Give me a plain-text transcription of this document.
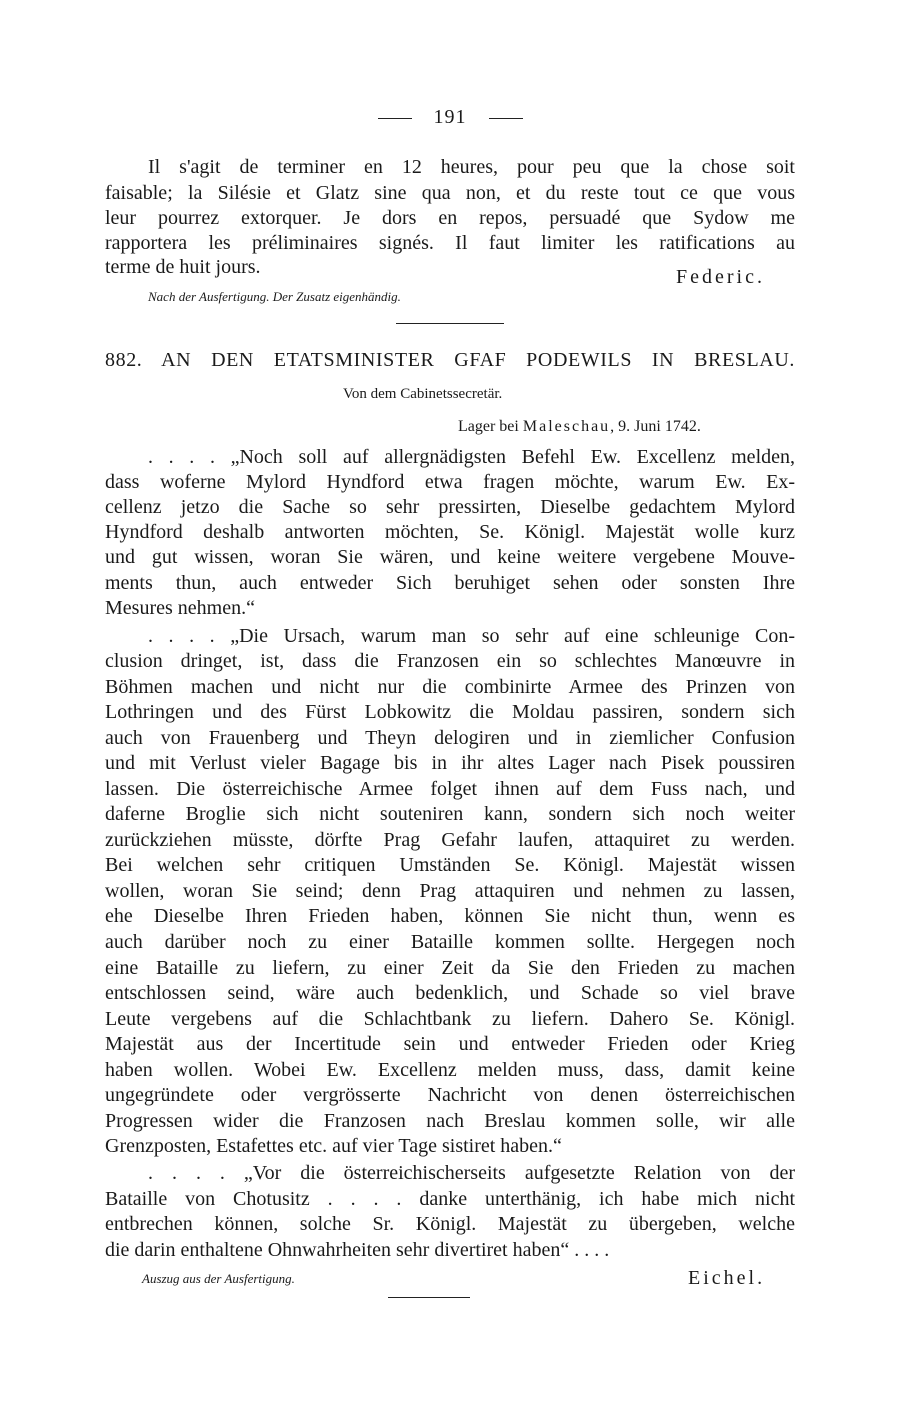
191
Il s'agit de terminer en 12 heures, pour peu que la chose soit
faisable; la Silésie et Glatz sine qua non, et du reste tout ce que vous
leur pourrez extorquer. Je dors en repos, persuadé que Sydow me
rapportera les préliminaires signés. Il faut limiter les ratifications au
terme de huit jours.	Federic.
Nach der Ausfertigung. Der Zusatz eigenhändig.
882. AN DEN ETATSMINISTER GFAF PODEWILS IN BRESLAU.
Von dem Cabinetssecretär.
Lager bei Maleschau, 9. Juni 1742.
. . . . „Noch soll auf allergnädigsten Befehl Ew. Excellenz melden,
dass woferne Mylord Hyndford etwa fragen möchte, warum Ew. Ex-
cellenz jetzo die Sache so sehr pressirten, Dieselbe gedachtem Mylord
Hyndford deshalb antworten möchten, Se. Königl. Majestät wolle kurz
und gut wissen, woran Sie wären, und keine weitere vergebene Mouve-
ments thun, auch entweder Sich beruhiget sehen oder sonsten Ihre
Mesures nehmen.“
. . . . „Die Ursach, warum man so sehr auf eine schleunige Con-
clusion dringet, ist, dass die Franzosen ein so schlechtes Manœuvre in
Böhmen machen und nicht nur die combinirte Armee des Prinzen von
Lothringen und des Fürst Lobkowitz die Moldau passiren, sondern sich
auch von Frauenberg und Theyn delogiren und in ziemlicher Confusion
und mit Verlust vieler Bagage bis in ihr altes Lager nach Pisek poussiren
lassen. Die österreichische Armee folget ihnen auf dem Fuss nach, und
daferne Broglie sich nicht souteniren kann, sondern sich noch weiter
zurückziehen müsste, dörfte Prag Gefahr laufen, attaquiret zu werden.
Bei welchen sehr critiquen Umständen Se. Königl. Majestät wissen
wollen, woran Sie seind; denn Prag attaquiren und nehmen zu lassen,
ehe Dieselbe Ihren Frieden haben, können Sie nicht thun, wenn es
auch darüber noch zu einer Bataille kommen sollte. Hergegen noch
eine Bataille zu liefern, zu einer Zeit da Sie den Frieden zu machen
entschlossen seind, wäre auch bedenklich, und Schade so viel brave
Leute vergebens auf die Schlachtbank zu liefern. Dahero Se. Königl.
Majestät aus der Incertitude sein und entweder Frieden oder Krieg
haben wollen. Wobei Ew. Excellenz melden muss, dass, damit keine
ungegründete oder vergrösserte Nachricht von denen österreichischen
Progressen wider die Franzosen nach Breslau kommen solle, wir alle
Grenzposten, Estafettes etc. auf vier Tage sistiret haben.“
. . . . „Vor die österreichischerseits aufgesetzte Relation von der
Bataille von Chotusitz . . . . danke unterthänig, ich habe mich nicht
entbrechen können, solche Sr. Königl. Majestät zu übergeben, welche
die darin enthaltene Ohnwahrheiten sehr divertiret haben“ . . . .
Auszug aus der Ausfertigung.	Eichel.
